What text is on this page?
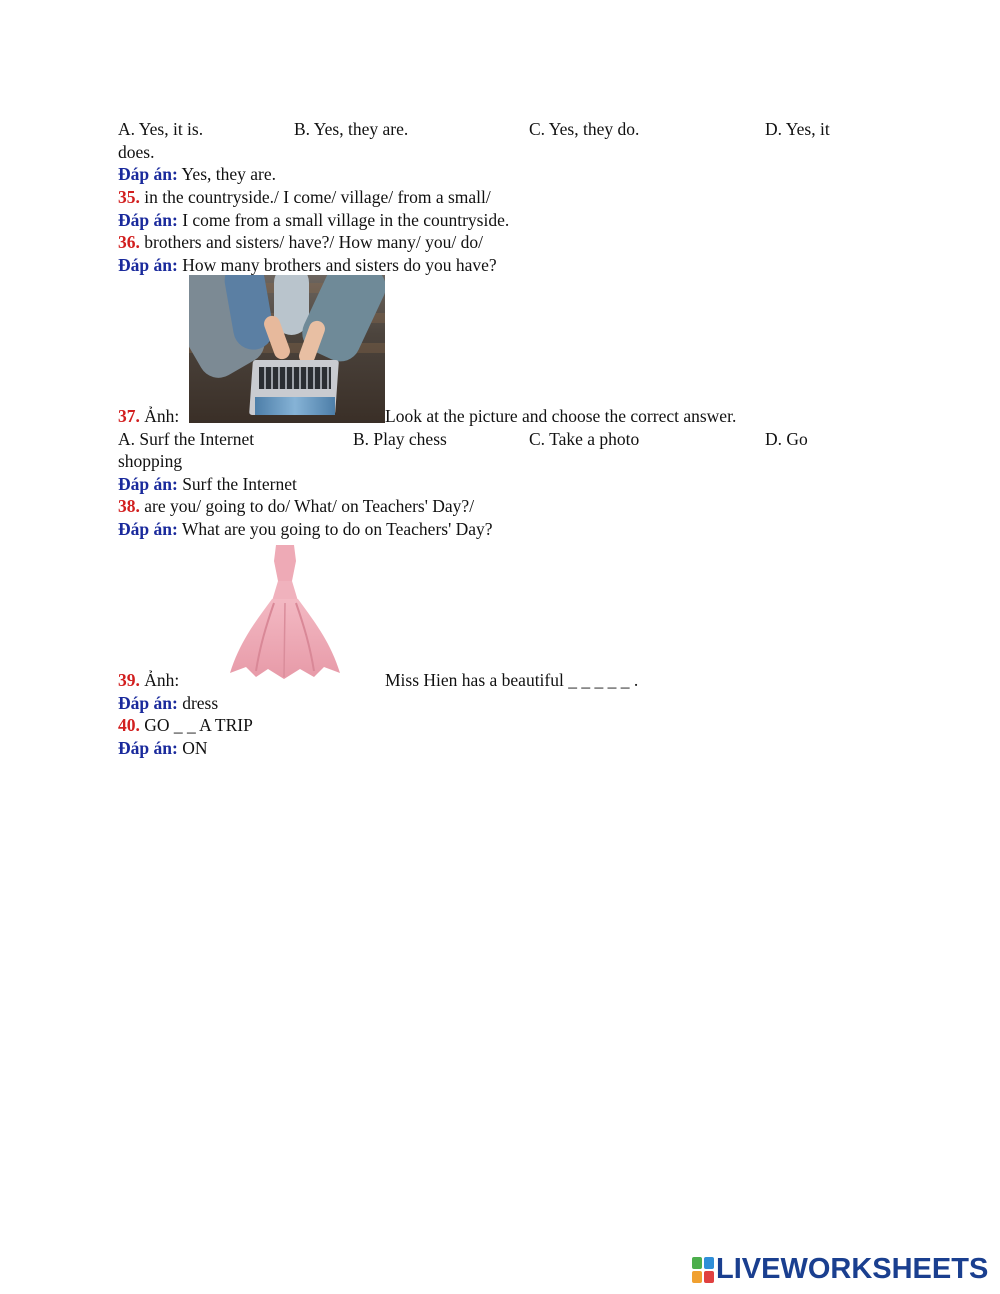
A. Yes, it is.	B. Yes, they are.	C. Yes, they do.	D. Yes, it
does.
Đáp án: Yes, they are.
35. in the countryside./ I come/ village/ from a small/
Đáp án: I come from a small village in the countryside.
36. brothers and sisters/ have?/ How many/ you/ do/
Đáp án: How many brothers and sisters do you have?
37. Ảnh:	Look at the picture and choose the correct answer.
A. Surf the Internet	B. Play chess	C. Take a photo	D. Go
shopping
Đáp án: Surf the Internet
38. are you/ going to do/ What/ on Teachers' Day?/
Đáp án: What are you going to do on Teachers' Day?
39. Ảnh:	Miss Hien has a beautiful _ _ _ _ _ .
Đáp án: dress
40. GO _ _ A TRIP
Đáp án: ON
LIVEWORKSHEETS
